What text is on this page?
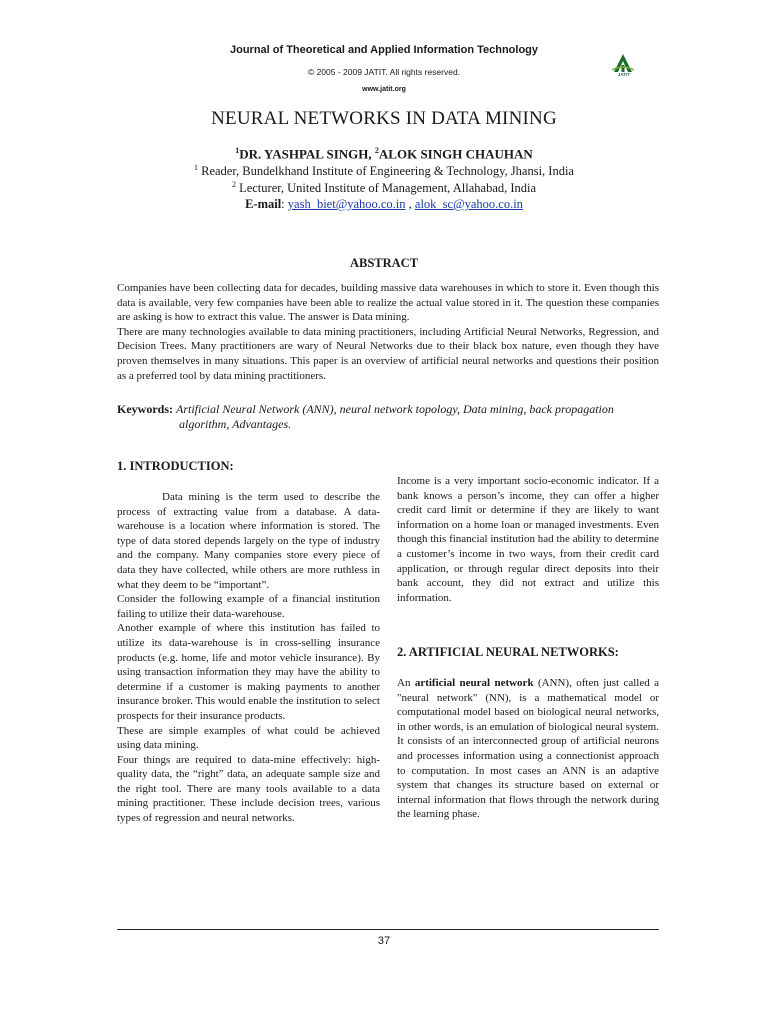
Journal of Theoretical and Applied Information Technology
© 2005 - 2009 JATIT. All rights reserved.
www.jatit.org
JATIT
NEURAL NETWORKS IN DATA MINING
$^1$DR. YASHPAL SINGH, $^2$ALOK SINGH CHAUHAN
$^1$ Reader, Bundelkhand Institute of Engineering & Technology, Jhansi, India
$^2$ Lecturer, United Institute of Management, Allahabad, India
E-mail: yash_biet@yahoo.co.in , alok_sc@yahoo.co.in
ABSTRACT

Companies have been collecting data for decades, building massive data warehouses in which to store it. Even though this data is available, very few companies have been able to realize the actual value stored in it. The question these companies are asking is how to extract this value. The answer is Data mining.

There are many technologies available to data mining practitioners, including Artificial Neural Networks, Regression, and Decision Trees. Many practitioners are wary of Neural Networks due to their black box nature, even though they have proven themselves in many situations. This paper is an overview of artificial neural networks and questions their position as a preferred tool by data mining practitioners.

Keywords: Artificial Neural Network (ANN), neural network topology, Data mining, back propagation
algorithm, Advantages.
1. INTRODUCTION:

Data mining is the term used to describe the process of extracting value from a database. A data-warehouse is a location where information is stored. The type of data stored depends largely on the type of industry and the company. Many companies store every piece of data they have collected, while others are more ruthless in what they deem to be “important”.

Consider the following example of a financial institution failing to utilize their data-warehouse.

Another example of where this institution has failed to utilize its data-warehouse is in cross-selling insurance products (e.g. home, life and motor vehicle insurance). By using transaction information they may have the ability to determine if a customer is making payments to another insurance broker. This would enable the institution to select prospects for their insurance products.

These are simple examples of what could be achieved using data mining.

Four things are required to data-mine effectively: high-quality data, the “right” data, an adequate sample size and the right tool. There are many tools available to a data mining practitioner. These include decision trees, various types of regression and neural networks.

Income is a very important socio-economic indicator. If a bank knows a person’s income, they can offer a higher credit card limit or determine if they are likely to want information on a home loan or managed investments. Even though this financial institution had the ability to determine a customer’s income in two ways, from their credit card application, or through regular direct deposits into their bank account, they did not extract and utilize this information.

2. ARTIFICIAL NEURAL NETWORKS:

An artificial neural network (ANN), often just called a "neural network" (NN), is a mathematical model or computational model based on biological neural networks, in other words, is an emulation of biological neural system. It consists of an interconnected group of artificial neurons and processes information using a connectionist approach to computation. In most cases an ANN is an adaptive system that changes its structure based on external or internal information that flows through the network during the learning phase.

37
